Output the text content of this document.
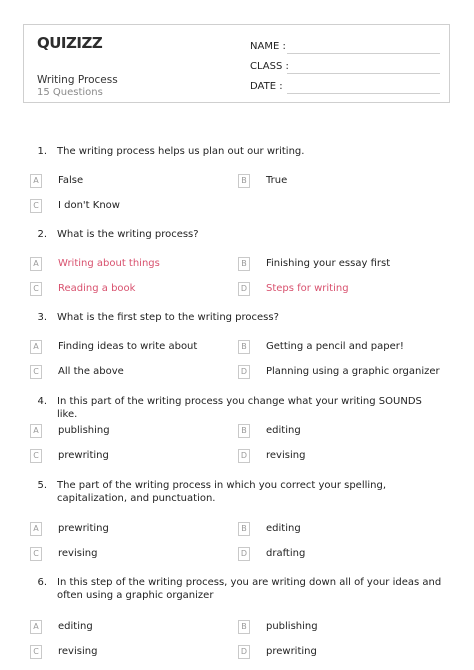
QUIZIZZ
Writing Process
15 Questions
NAME :
CLASS :
DATE :
1. The writing process helps us plan out our writing.
A	False	B	True
C	I don't Know
2. What is the writing process?
A	Writing about things	B	Finishing your essay first
C	Reading a book	D Steps for writing
3. What is the first step to the writing process?
A	Finding ideas to write about	B	Getting a pencil and paper!
C	All the above	D Planning using a graphic organizer
4. In this part of the writing process you change what your writing SOUNDS like.
A	publishing	B	editing
C	prewriting	D revising
5. The part of the writing process in which you correct your spelling, capitalization, and punctuation.
A	prewriting	B	editing
C	revising	D drafting
6. In this step of the writing process, you are writing down all of your ideas and often using a graphic organizer
A	editing	B	publishing
C	revising	D prewriting
